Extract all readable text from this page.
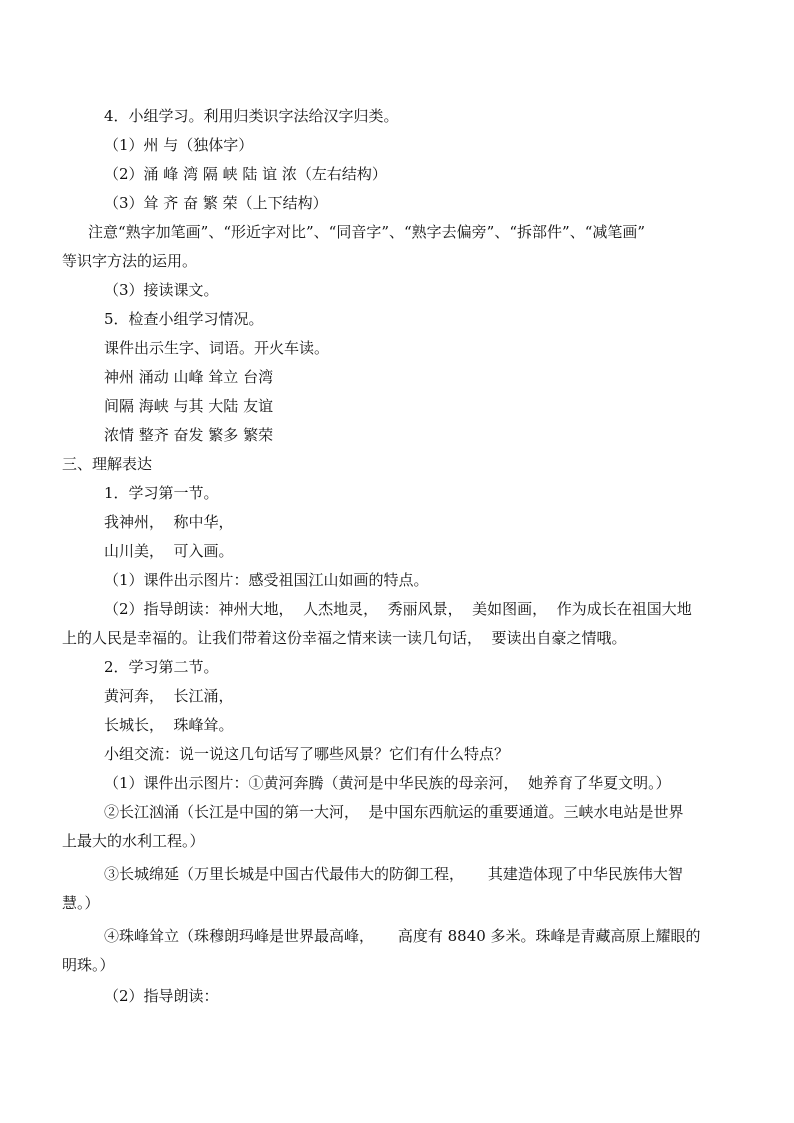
4．小组学习。利用归类识字法给汉字归类。
（1）州 与（独体字）
（2）涌 峰 湾 隔 峡 陆 谊 浓（左右结构）
（3）耸 齐 奋 繁 荣（上下结构）
注意“熟字加笔画”、“形近字对比”、“同音字”、“熟字去偏旁”、“拆部件”、“减笔画”
等识字方法的运用。
（3）接读课文。
5．检查小组学习情况。
课件出示生字、词语。开火车读。
神州 涌动 山峰 耸立 台湾
间隔 海峡 与其 大陆 友谊
浓情 整齐 奋发 繁多 繁荣
三、理解表达
1．学习第一节。
我神州，  称中华，
山川美，  可入画。
（1）课件出示图片：感受祖国江山如画的特点。
（2）指导朗读：神州大地，  人杰地灵，  秀丽风景，  美如图画，  作为成长在祖国大地
上的人民是幸福的。让我们带着这份幸福之情来读一读几句话，  要读出自豪之情哦。
2．学习第二节。
黄河奔，  长江涌，
长城长，  珠峰耸。
小组交流：说一说这几句话写了哪些风景？它们有什么特点？
（1）课件出示图片：①黄河奔腾（黄河是中华民族的母亲河，  她养育了华夏文明。）
②长江汹涌（长江是中国的第一大河，  是中国东西航运的重要通道。三峡水电站是世界
上最大的水利工程。）
③长城绵延（万里长城是中国古代最伟大的防御工程，     其建造体现了中华民族伟大智
慧。）
④珠峰耸立（珠穆朗玛峰是世界最高峰，     高度有 8840 多米。珠峰是青藏高原上耀眼的
明珠。）
（2）指导朗读：
